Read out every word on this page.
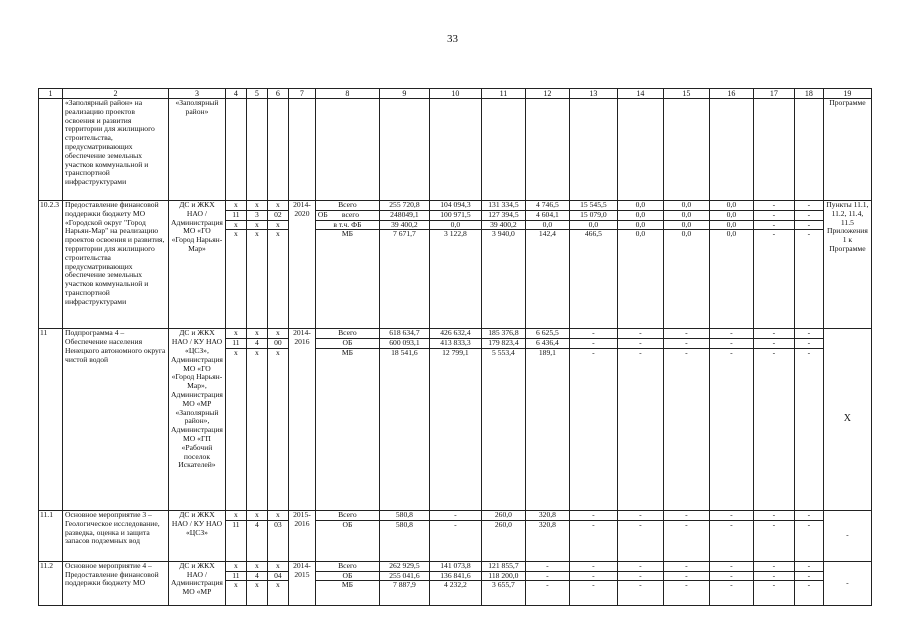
33
1	2	3	4	5	6	7	8	9	10	11	12	13	14	15	16	17	18	19
	«Заполярный район» на реализацию проектов освоения и развития территории для жилищного строительства, предусматривающих обеспечение земельных участков коммунальной и транспортной инфраструктурами	«Заполярный район»																Программе
10.2.3	Предоставление финансовой поддержки бюджету МО «Городской округ "Город Нарьян-Мар" на реализацию проектов освоения и развития, территории для жилищного строительства предусматривающих обеспечение земельных участков коммунальной и транспортной инфраструктурами	ДС и ЖКХ НАО / Администрация МО «ГО «Город Нарьян-Мар»	х	х	х	2014-2020	Всего	255 720,8	104 094,3	131 334,5	4 746,5	15 545,5	0,0	0,0	0,0	-	-	Пункты 11.1, 11.2, 11.4, 11.5 Приложения 1 к Программе
			11	3	02		ОБ всего	248049,1	100 971,5	127 394,5	4 604,1	15 079,0	0,0	0,0	0,0	-	-	
			х	х	х		в т.ч. ФБ	39 400,2	0,0	39 400,2	0,0	0,0	0,0	0,0	0,0	-	-	
			х	х	х		МБ	7 671,7	3 122,8	3 940,0	142,4	466,5	0,0	0,0	0,0	-	-	
11	Подпрограмма 4 – Обеспечение населения Ненецкого автономного округа чистой водой	ДС и ЖКХ НАО / КУ НАО «ЦСЗ», Администрация МО «ГО «Город Нарьян-Мар», Администрация МО «МР «Заполярный район», Администрация МО «ГП «Рабочий поселок Искателей»	х	х	х	2014-2016	Всего	618 634,7	426 632,4	185 376,8	6 625,5	-	-	-	-	-	-	Х
			11	4	00		ОБ	600 093,1	413 833,3	179 823,4	6 436,4	-	-	-	-	-	-	
			х	х	х		МБ	18 541,6	12 799,1	5 553,4	189,1	-	-	-	-	-	-	
11.1	Основное мероприятие 3 – Геологическое исследование, разведка, оценка и защита запасов подземных вод	ДС и ЖКХ НАО / КУ НАО «ЦСЗ»	х	х	х	2015-2016	Всего	580,8	-	260,0	320,8	-	-	-	-	-	-	-
			11	4	03		ОБ	580,8	-	260,0	320,8	-	-	-	-	-	-	
11.2	Основное мероприятие 4 – Предоставление финансовой поддержки бюджету МО	ДС и ЖКХ НАО / Администрация МО «МР	х	х	х	2014-2015	Всего	262 929,5	141 073,8	121 855,7	-	-	-	-	-	-	-	-
			11	4	04		ОБ	255 041,6	136 841,6	118 200,0	-	-	-	-	-	-	-	
			х	х	х		МБ	7 887,9	4 232,2	3 655,7	-	-	-	-	-	-	-	
